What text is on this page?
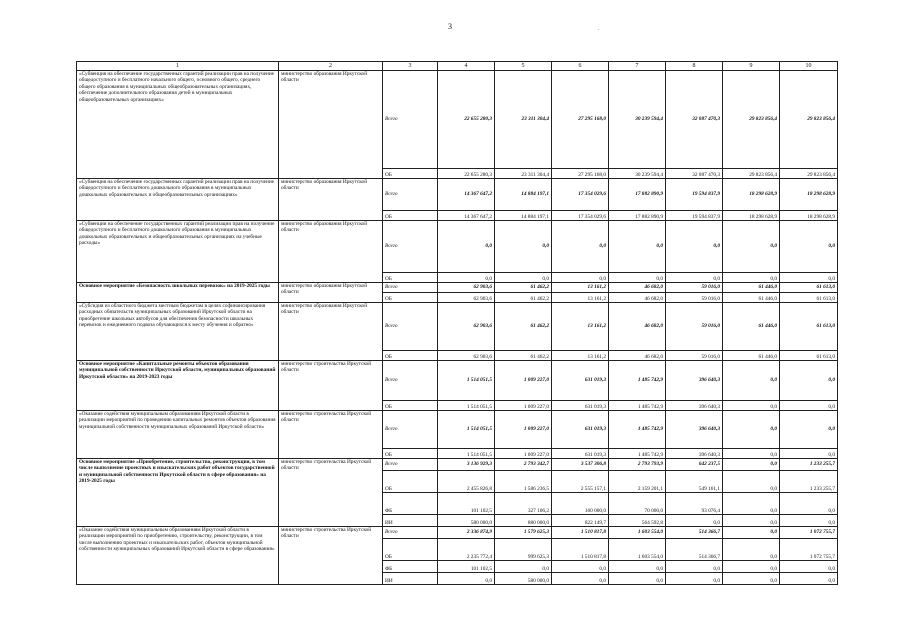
3	.
1	2	3	4	5	6	7	8	9	10
«Субвенция на обеспечение государственных гарантий реализации прав на получение общедоступного и бесплатного начального общего, основного общего, среднего общего образования в муниципальных общеобразовательных организациях, обеспечение дополнительного образования детей в муниципальных общеобразовательных организациях»	министерство образования Иркутской области	Всего	22 655 280,3	23 311 304,4	27 295 168,0	30 239 594,4	32 087 470,3	29 823 856,4	29 823 856,4
		ОБ	22 655 280,3	23 311 304,4	27 295 168,0	30 239 594,4	32 087 470,3	29 823 856,4	29 823 856,4
«Субвенция на обеспечение государственных гарантий реализации прав на получение общедоступного и бесплатного дошкольного образования в муниципальных дошкольных образовательных и общеобразовательных организациях»	министерство образования Иркутской области	Всего	14 367 647,2	14 884 197,1	17 354 029,6	17 882 890,9	19 594 837,9	18 298 628,9	18 298 628,9
		ОБ	14 367 647,2	14 884 197,1	17 354 029,6	17 882 890,9	19 594 837,9	18 298 628,9	18 298 628,9
«Субвенции на обеспечение государственных гарантий реализации прав на получение общедоступного и бесплатного дошкольного образования в муниципальных дошкольных образовательных и общеобразовательных организациях на учебные расходы»	министерство образования Иркутской области	Всего	0,0	0,0	0,0	0,0	0,0	0,0	0,0
		ОБ	0,0	0,0	0,0	0,0	0,0	0,0	0,0
Основное мероприятие «Безопасность школьных перевозок» на 2019-2025 годы	министерство образования Иркутской области	Всего	62 903,6	61 462,2	13 161,2	46 682,0	59 016,0	61 446,0	61 613,0
		ОБ	62 903,6	61 462,2	13 161,2	46 682,0	59 016,0	61 446,0	61 613,0
«Субсидия из областного бюджета местным бюджетам в целях софинансирования расходных обязательств муниципальных образований Иркутской области на приобретение школьных автобусов для обеспечения безопасности школьных перевозок и ежедневного подвоза обучающихся к месту обучения и обратно»	министерство образования Иркутской области	Всего	62 903,6	61 462,2	13 161,2	46 682,0	59 016,0	61 446,0	61 613,0
		ОБ	62 903,6	61 462,2	13 161,2	46 682,0	59 016,0	61 446,0	61 613,0
Основное мероприятие «Капитальные ремонты объектов образования муниципальной собственности Иркутской области, муниципальных образований Иркутской области» на 2019-2023 годы	министерство строительства Иркутской области	Всего	1 514 051,5	1 009 227,0	631 019,3	1 485 742,9	396 640,3	0,0	0,0
		ОБ	1 514 051,5	1 009 227,0	631 019,3	1 485 742,9	396 640,3	0,0	0,0
«Оказание содействия муниципальным образованиям Иркутской области в реализации мероприятий по проведению капитальных ремонтов объектов образования муниципальной собственности муниципальных образований Иркутской области»	министерство строительства Иркутской области	Всего	1 514 051,5	1 009 227,0	631 019,3	1 485 742,9	396 640,3	0,0	0,0
		ОБ	1 514 051,5	1 009 227,0	631 019,3	1 485 742,9	396 640,3	0,0	0,0
Основное мероприятие «Приобретение, строительство, реконструкция, в том числе выполнение проектных и изыскательских работ объектов государственной и муниципальной собственности Иркутской области в сфере образования» на 2019-2025 годы	министерство строительства Иркутской области	Всего	3 136 929,3	2 793 342,7	3 537 306,8	2 793 793,9	642 237,5	0,0	1 233 255,7
		ОБ	2 455 826,8	1 586 236,5	2 555 157,1	2 159 201,1	549 161,1	0,0	1 233 255,7
		ФБ	101 102,5	327 106,2	160 000,0	70 000,0	93 076,4	0,0	0,0
		ИИ	580 000,0	880 000,0	822 149,7	564 592,8	0,0	0,0	0,0
«Оказание содействия муниципальным образованиям Иркутской области в реализации мероприятий по приобретению, строительству, реконструкции, в том числе выполнению проектных и изыскательских работ, объектов муниципальной собственности муниципальных образований Иркутской области в сфере образования»	министерство строительства Иркутской области	Всего	2 336 874,9	1 579 625,3	1 510 817,8	1 603 554,0	514 366,7	0,0	1 072 755,7
		ОБ	2 235 772,4	999 625,3	1 510 817,8	1 603 554,0	514 366,7	0,0	1 072 755,7
		ФБ	101 102,5	0,0	0,0	0,0	0,0	0,0	0,0
		ИИ	0,0	580 000,0	0,0	0,0	0,0	0,0	0,0
